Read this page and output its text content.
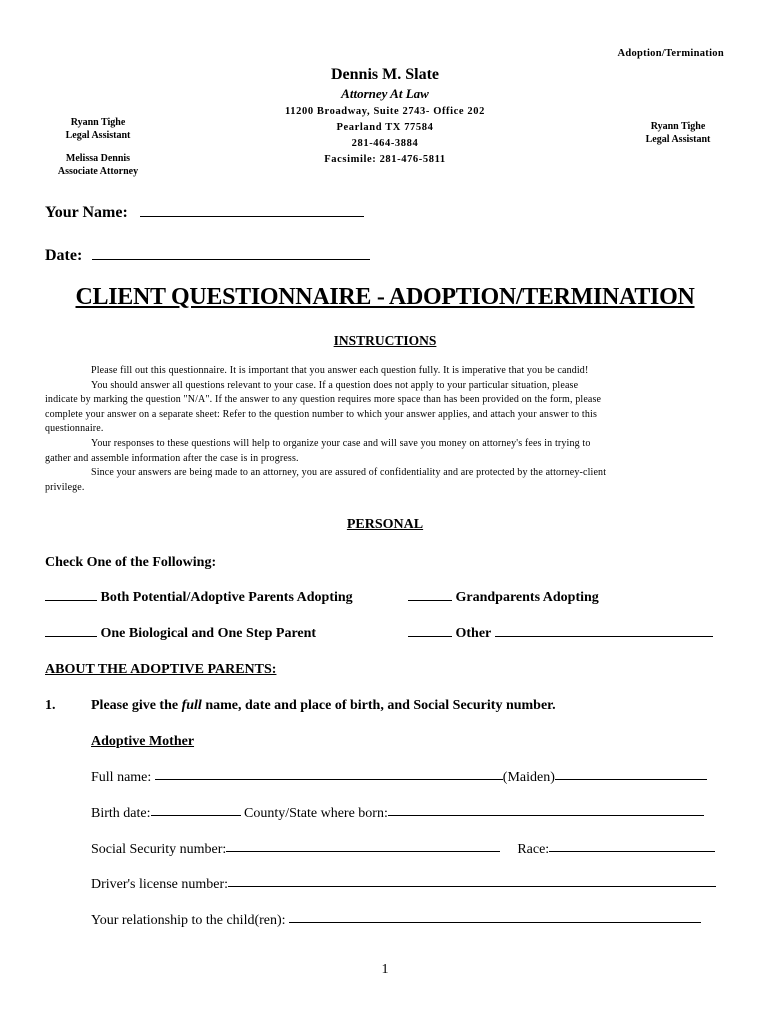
Adoption/Termination
Dennis M. Slate
Attorney At Law
11200 Broadway, Suite 2743- Office 202
Pearland TX 77584
281-464-3884
Facsimile: 281-476-5811
Ryann Tighe
Legal Assistant
Melissa Dennis
Associate Attorney
Ryann Tighe
Legal Assistant
Your Name:
Date:
CLIENT QUESTIONNAIRE - ADOPTION/TERMINATION
INSTRUCTIONS

Please fill out this questionnaire. It is important that you answer each question fully. It is imperative that you be candid!

You should answer all questions relevant to your case. If a question does not apply to your particular situation, please

indicate by marking the question "N/A". If the answer to any question requires more space than has been provided on the form, please

complete your answer on a separate sheet: Refer to the question number to which your answer applies, and attach your answer to this

questionnaire.

Your responses to these questions will help to organize your case and will save you money on attorney's fees in trying to

gather and assemble information after the case is in progress.

Since your answers are being made to an attorney, you are assured of confidentiality and are protected by the attorney-client

privilege.

PERSONAL
Check One of the Following:
Both Potential/Adoptive Parents Adopting	Grandparents Adopting
One Biological and One Step Parent	Other
ABOUT THE ADOPTIVE PARENTS:
1.	Please give the full name, date and place of birth, and Social Security number.
Adoptive Mother
Full name:	(Maiden)
Birth date:	County/State where born:
Social Security number:	Race:
Driver's license number:
Your relationship to the child(ren):
1
